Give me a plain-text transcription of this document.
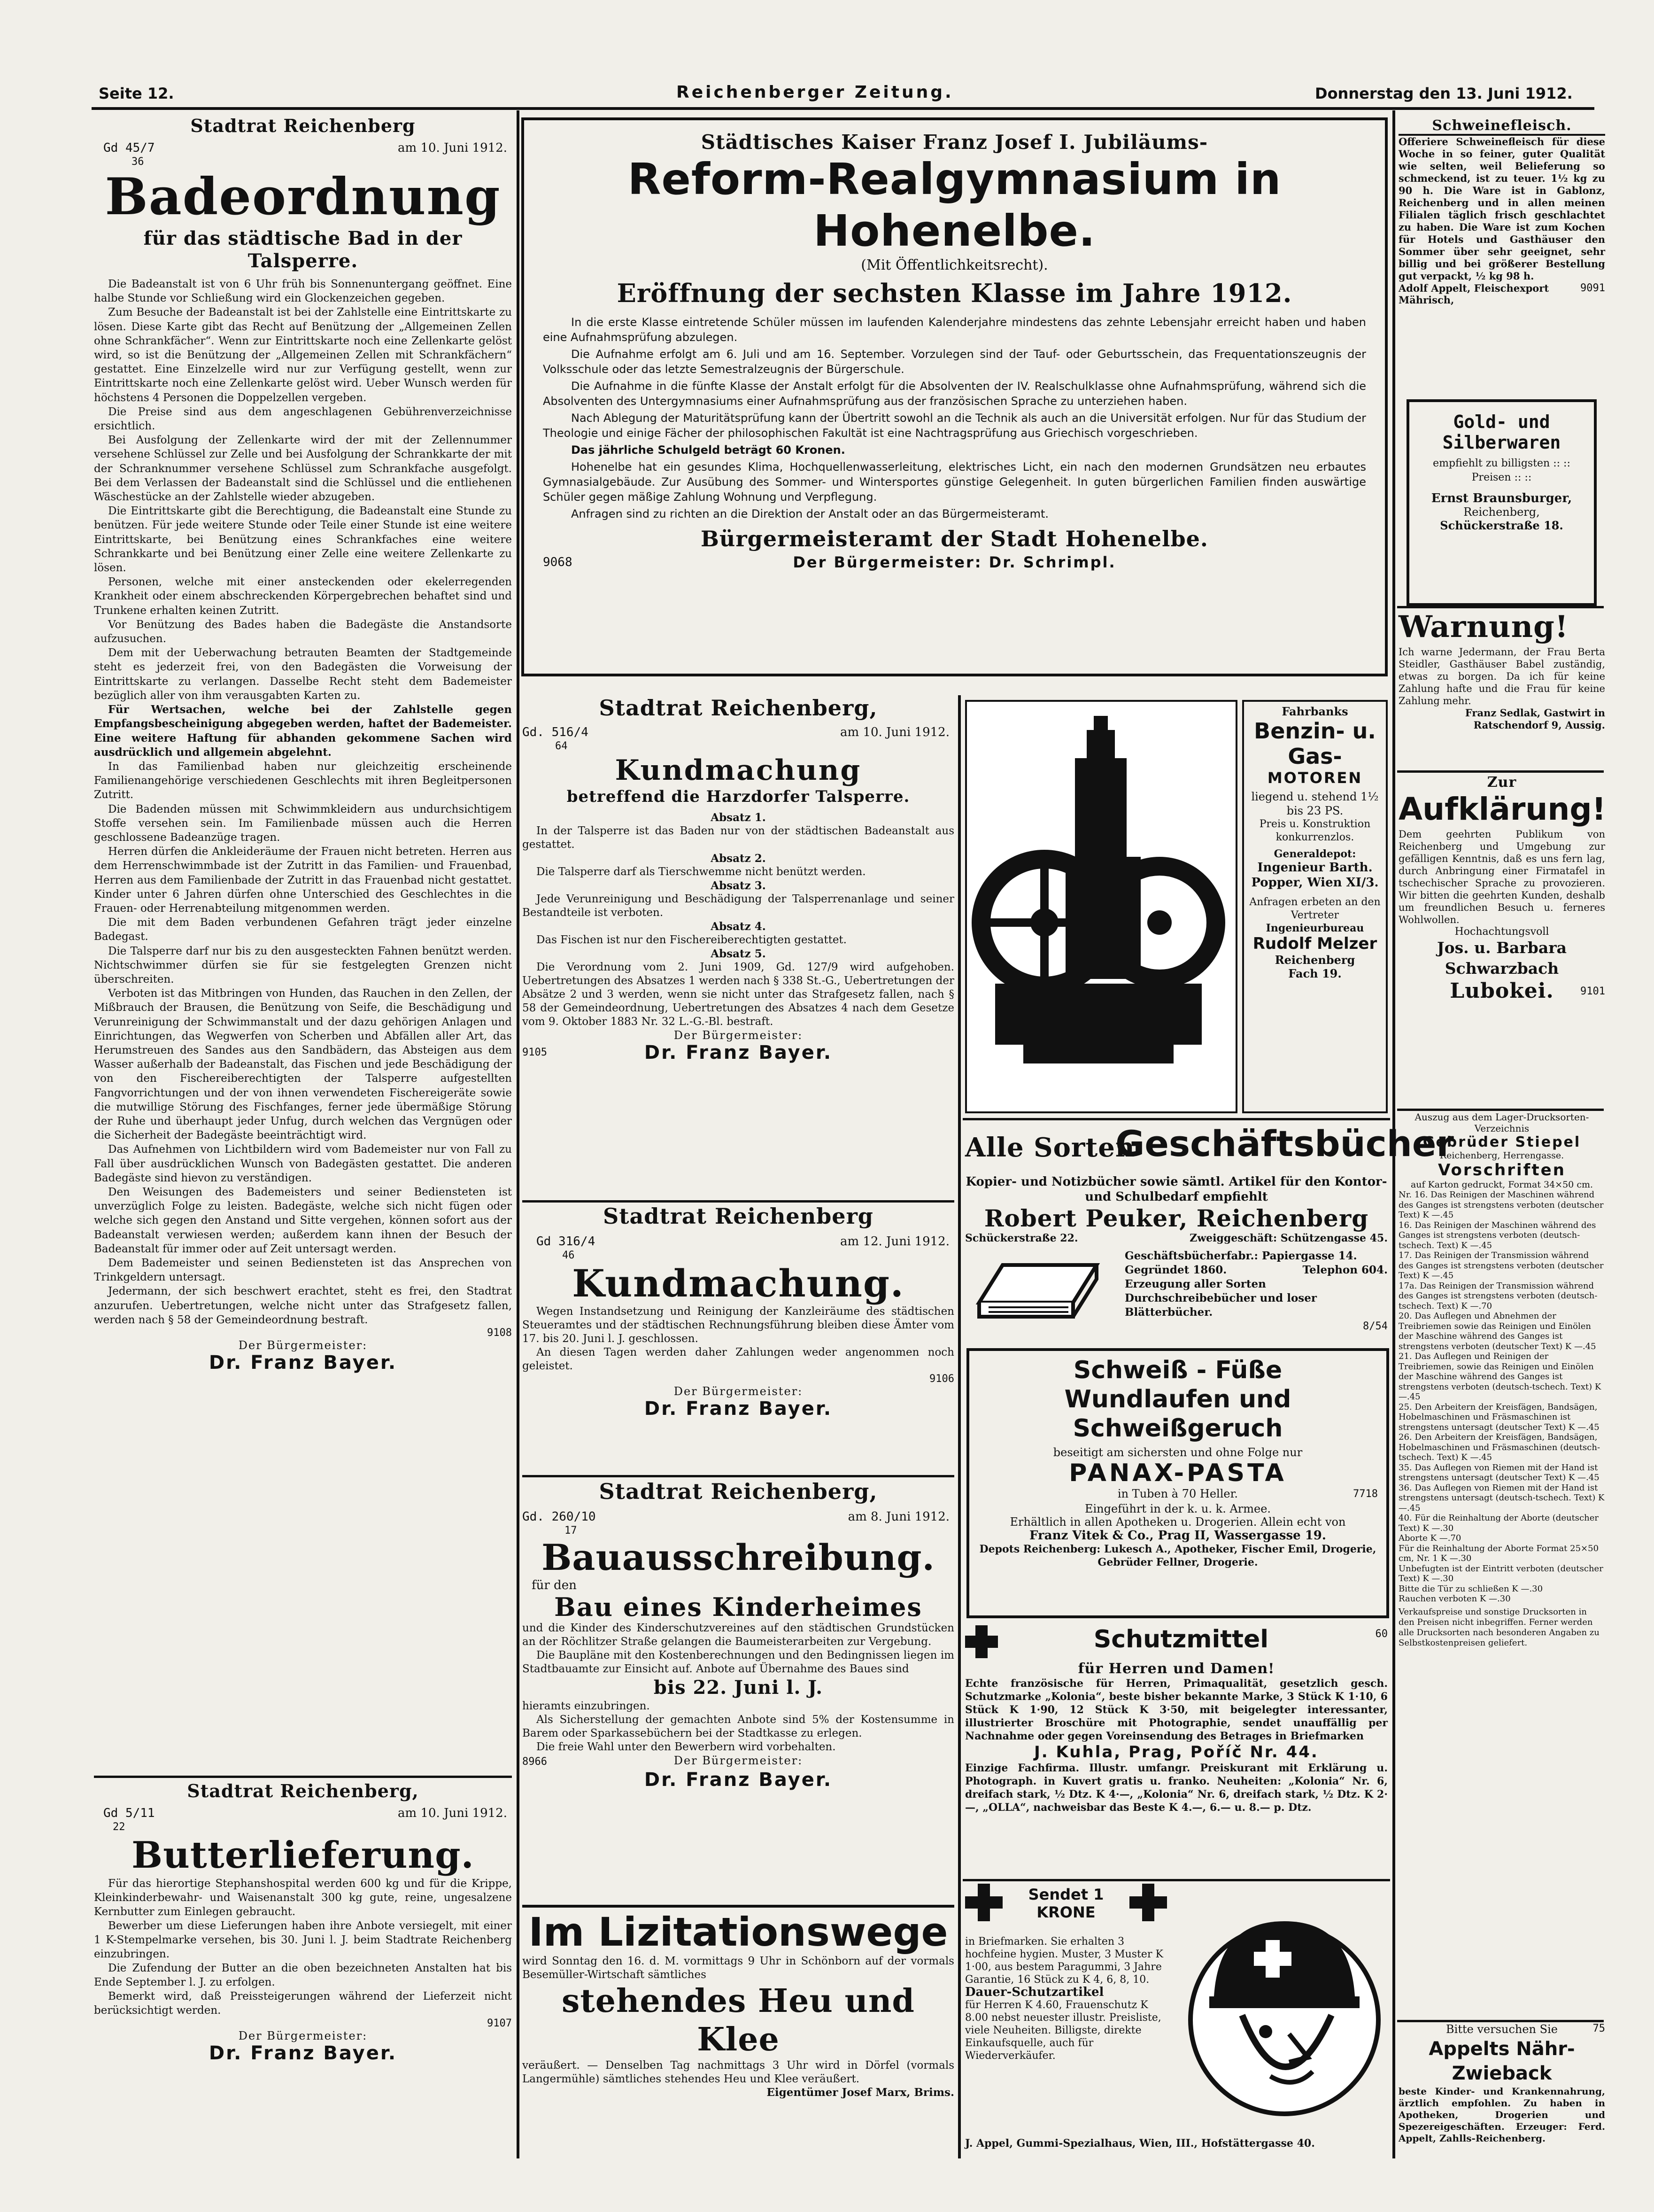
Seite 12.	Reichenberger Zeitung.	Donnerstag den 13. Juni 1912.
Stadtrat Reichenberg
Gd 45/7
36
am 10. Juni 1912.
Badeordnung
für das städtische Bad in der Talsperre.

Die Badeanstalt ist von 6 Uhr früh bis Sonnenuntergang geöffnet. Eine halbe Stunde vor Schließung wird ein Glockenzeichen gegeben.

Zum Besuche der Badeanstalt ist bei der Zahlstelle eine Eintrittskarte zu lösen. Diese Karte gibt das Recht auf Benützung der „Allgemeinen Zellen ohne Schrankfächer“. Wenn zur Eintrittskarte noch eine Zellenkarte gelöst wird, so ist die Benützung der „Allgemeinen Zellen mit Schrankfächern“ gestattet. Eine Einzelzelle wird nur zur Verfügung gestellt, wenn zur Eintrittskarte noch eine Zellenkarte gelöst wird. Ueber Wunsch werden für höchstens 4 Personen die Doppelzellen vergeben.

Die Preise sind aus dem angeschlagenen Gebührenverzeichnisse ersichtlich.

Bei Ausfolgung der Zellenkarte wird der mit der Zellennummer versehene Schlüssel zur Zelle und bei Ausfolgung der Schrankkarte der mit der Schranknummer versehene Schlüssel zum Schrankfache ausgefolgt. Bei dem Verlassen der Badeanstalt sind die Schlüssel und die entliehenen Wäschestücke an der Zahlstelle wieder abzugeben.

Die Eintrittskarte gibt die Berechtigung, die Badeanstalt eine Stunde zu benützen. Für jede weitere Stunde oder Teile einer Stunde ist eine weitere Eintrittskarte, bei Benützung eines Schrankfaches eine weitere Schrankkarte und bei Benützung einer Zelle eine weitere Zellenkarte zu lösen.

Personen, welche mit einer ansteckenden oder ekelerregenden Krankheit oder einem abschreckenden Körpergebrechen behaftet sind und Trunkene erhalten keinen Zutritt.

Vor Benützung des Bades haben die Badegäste die Anstandsorte aufzusuchen.

Dem mit der Ueberwachung betrauten Beamten der Stadtgemeinde steht es jederzeit frei, von den Badegästen die Vorweisung der Eintrittskarte zu verlangen. Dasselbe Recht steht dem Bademeister bezüglich aller von ihm verausgabten Karten zu.

Für Wertsachen, welche bei der Zahlstelle gegen Empfangsbescheinigung abgegeben werden, haftet der Bademeister. Eine weitere Haftung für abhanden gekommene Sachen wird ausdrücklich und allgemein abgelehnt.

In das Familienbad haben nur gleichzeitig erscheinende Familienangehörige verschiedenen Geschlechts mit ihren Begleitpersonen Zutritt.

Die Badenden müssen mit Schwimmkleidern aus undurchsichtigem Stoffe versehen sein. Im Familienbade müssen auch die Herren geschlossene Badeanzüge tragen.

Herren dürfen die Ankleideräume der Frauen nicht betreten. Herren aus dem Herrenschwimmbade ist der Zutritt in das Familien- und Frauenbad, Herren aus dem Familienbade der Zutritt in das Frauenbad nicht gestattet. Kinder unter 6 Jahren dürfen ohne Unterschied des Geschlechtes in die Frauen- oder Herrenabteilung mitgenommen werden.

Die mit dem Baden verbundenen Gefahren trägt jeder einzelne Badegast.

Die Talsperre darf nur bis zu den ausgesteckten Fahnen benützt werden. Nichtschwimmer dürfen sie für sie festgelegten Grenzen nicht überschreiten.

Verboten ist das Mitbringen von Hunden, das Rauchen in den Zellen, der Mißbrauch der Brausen, die Benützung von Seife, die Beschädigung und Verunreinigung der Schwimmanstalt und der dazu gehörigen Anlagen und Einrichtungen, das Wegwerfen von Scherben und Abfällen aller Art, das Herumstreuen des Sandes aus den Sandbädern, das Absteigen aus dem Wasser außerhalb der Badeanstalt, das Fischen und jede Beschädigung der von den Fischereiberechtigten der Talsperre aufgestellten Fangvorrichtungen und der von ihnen verwendeten Fischereigeräte sowie die mutwillige Störung des Fischfanges, ferner jede übermäßige Störung der Ruhe und überhaupt jeder Unfug, durch welchen das Vergnügen oder die Sicherheit der Badegäste beeinträchtigt wird.

Das Aufnehmen von Lichtbildern wird vom Bademeister nur von Fall zu Fall über ausdrücklichen Wunsch von Badegästen gestattet. Die anderen Badegäste sind hievon zu verständigen.

Den Weisungen des Bademeisters und seiner Bediensteten ist unverzüglich Folge zu leisten. Badegäste, welche sich nicht fügen oder welche sich gegen den Anstand und Sitte vergehen, können sofort aus der Badeanstalt verwiesen werden; außerdem kann ihnen der Besuch der Badeanstalt für immer oder auf Zeit untersagt werden.

Dem Bademeister und seinen Bediensteten ist das Ansprechen von Trinkgeldern untersagt.

Jedermann, der sich beschwert erachtet, steht es frei, den Stadtrat anzurufen. Uebertretungen, welche nicht unter das Strafgesetz fallen, werden nach § 58 der Gemeindeordnung bestraft.

9108
Der Bürgermeister:
Dr. Franz Bayer.
Stadtrat Reichenberg,
Gd 5/11
22
am 10. Juni 1912.
Butterlieferung.

Für das hierortige Stephanshospital werden 600 kg und für die Krippe, Kleinkinderbewahr- und Waisenanstalt 300 kg gute, reine, ungesalzene Kernbutter zum Einlegen gebraucht.

Bewerber um diese Lieferungen haben ihre Anbote versiegelt, mit einer 1 K-Stempelmarke versehen, bis 30. Juni l. J. beim Stadtrate Reichenberg einzubringen.

Die Zufendung der Butter an die oben bezeichneten Anstalten hat bis Ende September l. J. zu erfolgen.

Bemerkt wird, daß Preissteigerungen während der Lieferzeit nicht berücksichtigt werden.

9107
Der Bürgermeister:
Dr. Franz Bayer.
Städtisches Kaiser Franz Josef I. Jubiläums-
Reform-Realgymnasium in Hohenelbe.
(Mit Öffentlichkeitsrecht).
Eröffnung der sechsten Klasse im Jahre 1912.

In die erste Klasse eintretende Schüler müssen im laufenden Kalenderjahre mindestens das zehnte Lebensjahr erreicht haben und haben eine Aufnahmsprüfung abzulegen.

Die Aufnahme erfolgt am 6. Juli und am 16. September. Vorzulegen sind der Tauf- oder Geburtsschein, das Frequentationszeugnis der Volksschule oder das letzte Semestralzeugnis der Bürgerschule.

Die Aufnahme in die fünfte Klasse der Anstalt erfolgt für die Absolventen der IV. Realschulklasse ohne Aufnahmsprüfung, während sich die Absolventen des Untergymnasiums einer Aufnahmsprüfung aus der französischen Sprache zu unterziehen haben.

Nach Ablegung der Maturitätsprüfung kann der Übertritt sowohl an die Technik als auch an die Universität erfolgen. Nur für das Studium der Theologie und einige Fächer der philosophischen Fakultät ist eine Nachtragsprüfung aus Griechisch vorgeschrieben.

Das jährliche Schulgeld beträgt 60 Kronen.

Hohenelbe hat ein gesundes Klima, Hochquellenwasserleitung, elektrisches Licht, ein nach den modernen Grundsätzen neu erbautes Gymnasialgebäude. Zur Ausübung des Sommer- und Wintersportes günstige Gelegenheit. In guten bürgerlichen Familien finden auswärtige Schüler gegen mäßige Zahlung Wohnung und Verpflegung.

Anfragen sind zu richten an die Direktion der Anstalt oder an das Bürgermeisteramt.

Bürgermeisteramt der Stadt Hohenelbe.
9068	Der Bürgermeister: Dr. Schrimpl.
Stadtrat Reichenberg,
Gd. 516/4
64
am 10. Juni 1912.
Kundmachung
betreffend die Harzdorfer Talsperre.
Absatz 1.

In der Talsperre ist das Baden nur von der städtischen Badeanstalt aus gestattet.

Absatz 2.

Die Talsperre darf als Tierschwemme nicht benützt werden.

Absatz 3.

Jede Verunreinigung und Beschädigung der Talsperrenanlage und seiner Bestandteile ist verboten.

Absatz 4.

Das Fischen ist nur den Fischereiberechtigten gestattet.

Absatz 5.

Die Verordnung vom 2. Juni 1909, Gd. 127/9 wird aufgehoben. Uebertretungen des Absatzes 1 werden nach § 338 St.-G., Uebertretungen der Absätze 2 und 3 werden, wenn sie nicht unter das Strafgesetz fallen, nach § 58 der Gemeindeordnung, Uebertretungen des Absatzes 4 nach dem Gesetze vom 9. Oktober 1883 Nr. 32 L.-G.-Bl. bestraft.

Der Bürgermeister:
9105	Dr. Franz Bayer.
Stadtrat Reichenberg
Gd 316/4
46
am 12. Juni 1912.
Kundmachung.

Wegen Instandsetzung und Reinigung der Kanzleiräume des städtischen Steueramtes und der städtischen Rechnungsführung bleiben diese Ämter vom 17. bis 20. Juni l. J. geschlossen.

An diesen Tagen werden daher Zahlungen weder angenommen noch geleistet.

9106
Der Bürgermeister:
Dr. Franz Bayer.
Stadtrat Reichenberg,
Gd. 260/10
17
am 8. Juni 1912.
Bauausschreibung.
für den
Bau eines Kinderheimes

und die Kinder des Kinderschutzvereines auf den städtischen Grundstücken an der Röchlitzer Straße gelangen die Baumeisterarbeiten zur Vergebung.

Die Baupläne mit den Kostenberechnungen und den Bedingnissen liegen im Stadtbauamte zur Einsicht auf. Anbote auf Übernahme des Baues sind

bis 22. Juni l. J.

hieramts einzubringen.

Als Sicherstellung der gemachten Anbote sind 5% der Kostensumme in Barem oder Sparkassebüchern bei der Stadtkasse zu erlegen.

Die freie Wahl unter den Bewerbern wird vorbehalten.

8966	Der Bürgermeister:
Dr. Franz Bayer.
Im Lizitationswege
wird Sonntag den 16. d. M. vormittags 9 Uhr in Schönborn auf der vormals Besemüller-Wirtschaft sämtliches
stehendes Heu und Klee
veräußert. — Denselben Tag nachmittags 3 Uhr wird in Dörfel (vormals Langermühle) sämtliches stehendes Heu und Klee veräußert.
Eigentümer Josef Marx, Brims.
Fahrbanks
Benzin- u. Gas-
MOTOREN
liegend u. stehend 1½ bis 23 PS.
Preis u. Konstruktion konkurrenzlos.
Generaldepot:
Ingenieur Barth. Popper, Wien XI/3.
Anfragen erbeten an den Vertreter
Ingenieurbureau
Rudolf Melzer
Reichenberg
Fach 19.
Alle Sorten
Geschäftsbücher
Kopier- und Notizbücher sowie sämtl. Artikel für den Kontor- und Schulbedarf empfiehlt
Robert Peuker, Reichenberg
Schückerstraße 22.	Zweiggeschäft: Schützengasse 45.
Geschäftsbücherfabr.: Papiergasse 14.
Gegründet 1860.	Telephon 604.
Erzeugung aller Sorten Durchschreibebücher und loser Blätterbücher.
8/54
Schweiß - Füße
Wundlaufen und
Schweißgeruch
beseitigt am sichersten und ohne Folge nur
PANAX-PASTA
in Tuben à 70 Heller.	7718
Eingeführt in der k. u. k. Armee.
Erhältlich in allen Apotheken u. Drogerien. Allein echt von
Franz Vitek & Co., Prag II, Wassergasse 19.
Depots Reichenberg: Lukesch A., Apotheker, Fischer Emil, Drogerie, Gebrüder Fellner, Drogerie.
Schutzmittel	60
für Herren und Damen!
Echte französische für Herren, Primaqualität, gesetzlich gesch. Schutzmarke „Kolonia“, beste bisher bekannte Marke, 3 Stück K 1·10, 6 Stück K 1·90, 12 Stück K 3·50, mit beigelegter interessanter, illustrierter Broschüre mit Photographie, sendet unauffällig per Nachnahme oder gegen Voreinsendung des Betrages in Briefmarken
J. Kuhla, Prag, Poříč Nr. 44.
Einzige Fachfirma. Illustr. umfangr. Preiskurant mit Erklärung u. Photograph. in Kuvert gratis u. franko. Neuheiten: „Kolonia“ Nr. 6, dreifach stark, ½ Dtz. K 4·—, „Kolonia“ Nr. 6, dreifach stark, ½ Dtz. K 2·—, „OLLA“, nachweisbar das Beste K 4.—, 6.— u. 8.— p. Dtz.
Sendet 1 KRONE
in Briefmarken. Sie erhalten 3 hochfeine hygien. Muster, 3 Muster K 1·00, aus bestem Paragummi, 3 Jahre Garantie, 16 Stück zu K 4, 6, 8, 10.
Dauer-Schutzartikel
für Herren K 4.60, Frauenschutz K 8.00 nebst neuester illustr. Preisliste, viele Neuheiten. Billigste, direkte Einkaufsquelle, auch für Wiederverkäufer.
J. Appel, Gummi-Spezialhaus, Wien, III., Hofstättergasse 40.
Schweinefleisch.
Offeriere Schweinefleisch für diese Woche in so feiner, guter Qualität wie selten, weil Belieferung so schmeckend, ist zu teuer. 1½ kg zu 90 h. Die Ware ist in Gablonz, Reichenberg und in allen meinen Filialen täglich frisch geschlachtet zu haben. Die Ware ist zum Kochen für Hotels und Gasthäuser den Sommer über sehr geeignet, sehr billig und bei größerer Bestellung gut verpackt, ½ kg 98 h.
Adolf Appelt, Fleischexport Mährisch,
9091
Gold- und
Silberwaren
empfiehlt zu billigsten :: :: Preisen :: ::
Ernst Braunsburger,
Reichenberg,
Schückerstraße 18.
Warnung!
Ich warne Jedermann, der Frau Berta Steidler, Gasthäuser Babel zuständig, etwas zu borgen. Da ich für keine Zahlung hafte und die Frau für keine Zahlung mehr.
Franz Sedlak, Gastwirt in Ratschendorf 9, Aussig.
Zur
Aufklärung!
Dem geehrten Publikum von Reichenberg und Umgebung zur gefälligen Kenntnis, daß es uns fern lag, durch Anbringung einer Firmatafel in tschechischer Sprache zu provozieren. Wir bitten die geehrten Kunden, deshalb um freundlichen Besuch u. ferneres Wohlwollen.
Hochachtungsvoll
Jos. u. Barbara Schwarzbach
Lubokei.	9101
Auszug aus dem Lager-Drucksorten-Verzeichnis
Gebrüder Stiepel
Reichenberg, Herrengasse.
Vorschriften
auf Karton gedruckt, Format 34×50 cm.
Nr. 16. Das Reinigen der Maschinen während des Ganges ist strengstens verboten (deutscher Text) K —.45
16. Das Reinigen der Maschinen während des Ganges ist strengstens verboten (deutsch-tschech. Text) K —.45
17. Das Reinigen der Transmission während des Ganges ist strengstens verboten (deutscher Text) K —.45
17a. Das Reinigen der Transmission während des Ganges ist strengstens verboten (deutsch-tschech. Text) K —.70
20. Das Auflegen und Abnehmen der Treibriemen sowie das Reinigen und Einölen der Maschine während des Ganges ist strengstens verboten (deutscher Text) K —.45
21. Das Auflegen und Reinigen der Treibriemen, sowie das Reinigen und Einölen der Maschine während des Ganges ist strengstens verboten (deutsch-tschech. Text) K —.45
25. Den Arbeitern der Kreisfägen, Bandsägen, Hobelmaschinen und Fräsmaschinen ist strengstens untersagt (deutscher Text) K —.45
26. Den Arbeitern der Kreisfägen, Bandsägen, Hobelmaschinen und Fräsmaschinen (deutsch-tschech. Text) K —.45
35. Das Auflegen von Riemen mit der Hand ist strengstens untersagt (deutscher Text) K —.45
36. Das Auflegen von Riemen mit der Hand ist strengstens untersagt (deutsch-tschech. Text) K —.45
40. Für die Reinhaltung der Aborte (deutscher Text) K —.30
Aborte K —.70
Für die Reinhaltung der Aborte Format 25×50 cm, Nr. 1 K —.30
Unbefugten ist der Eintritt verboten (deutscher Text) K —.30
Bitte die Tür zu schließen K —.30
Rauchen verboten K —.30
Verkaufspreise und sonstige Drucksorten in den Preisen nicht inbegriffen. Ferner werden alle Drucksorten nach besonderen Angaben zu Selbstkostenpreisen geliefert.
Bitte versuchen Sie	75
Appelts Nähr-Zwieback
beste Kinder- und Krankennahrung, ärztlich empfohlen. Zu haben in Apotheken, Drogerien und Spezereigeschäften. Erzeuger: Ferd. Appelt, Zahlls-Reichenberg.
